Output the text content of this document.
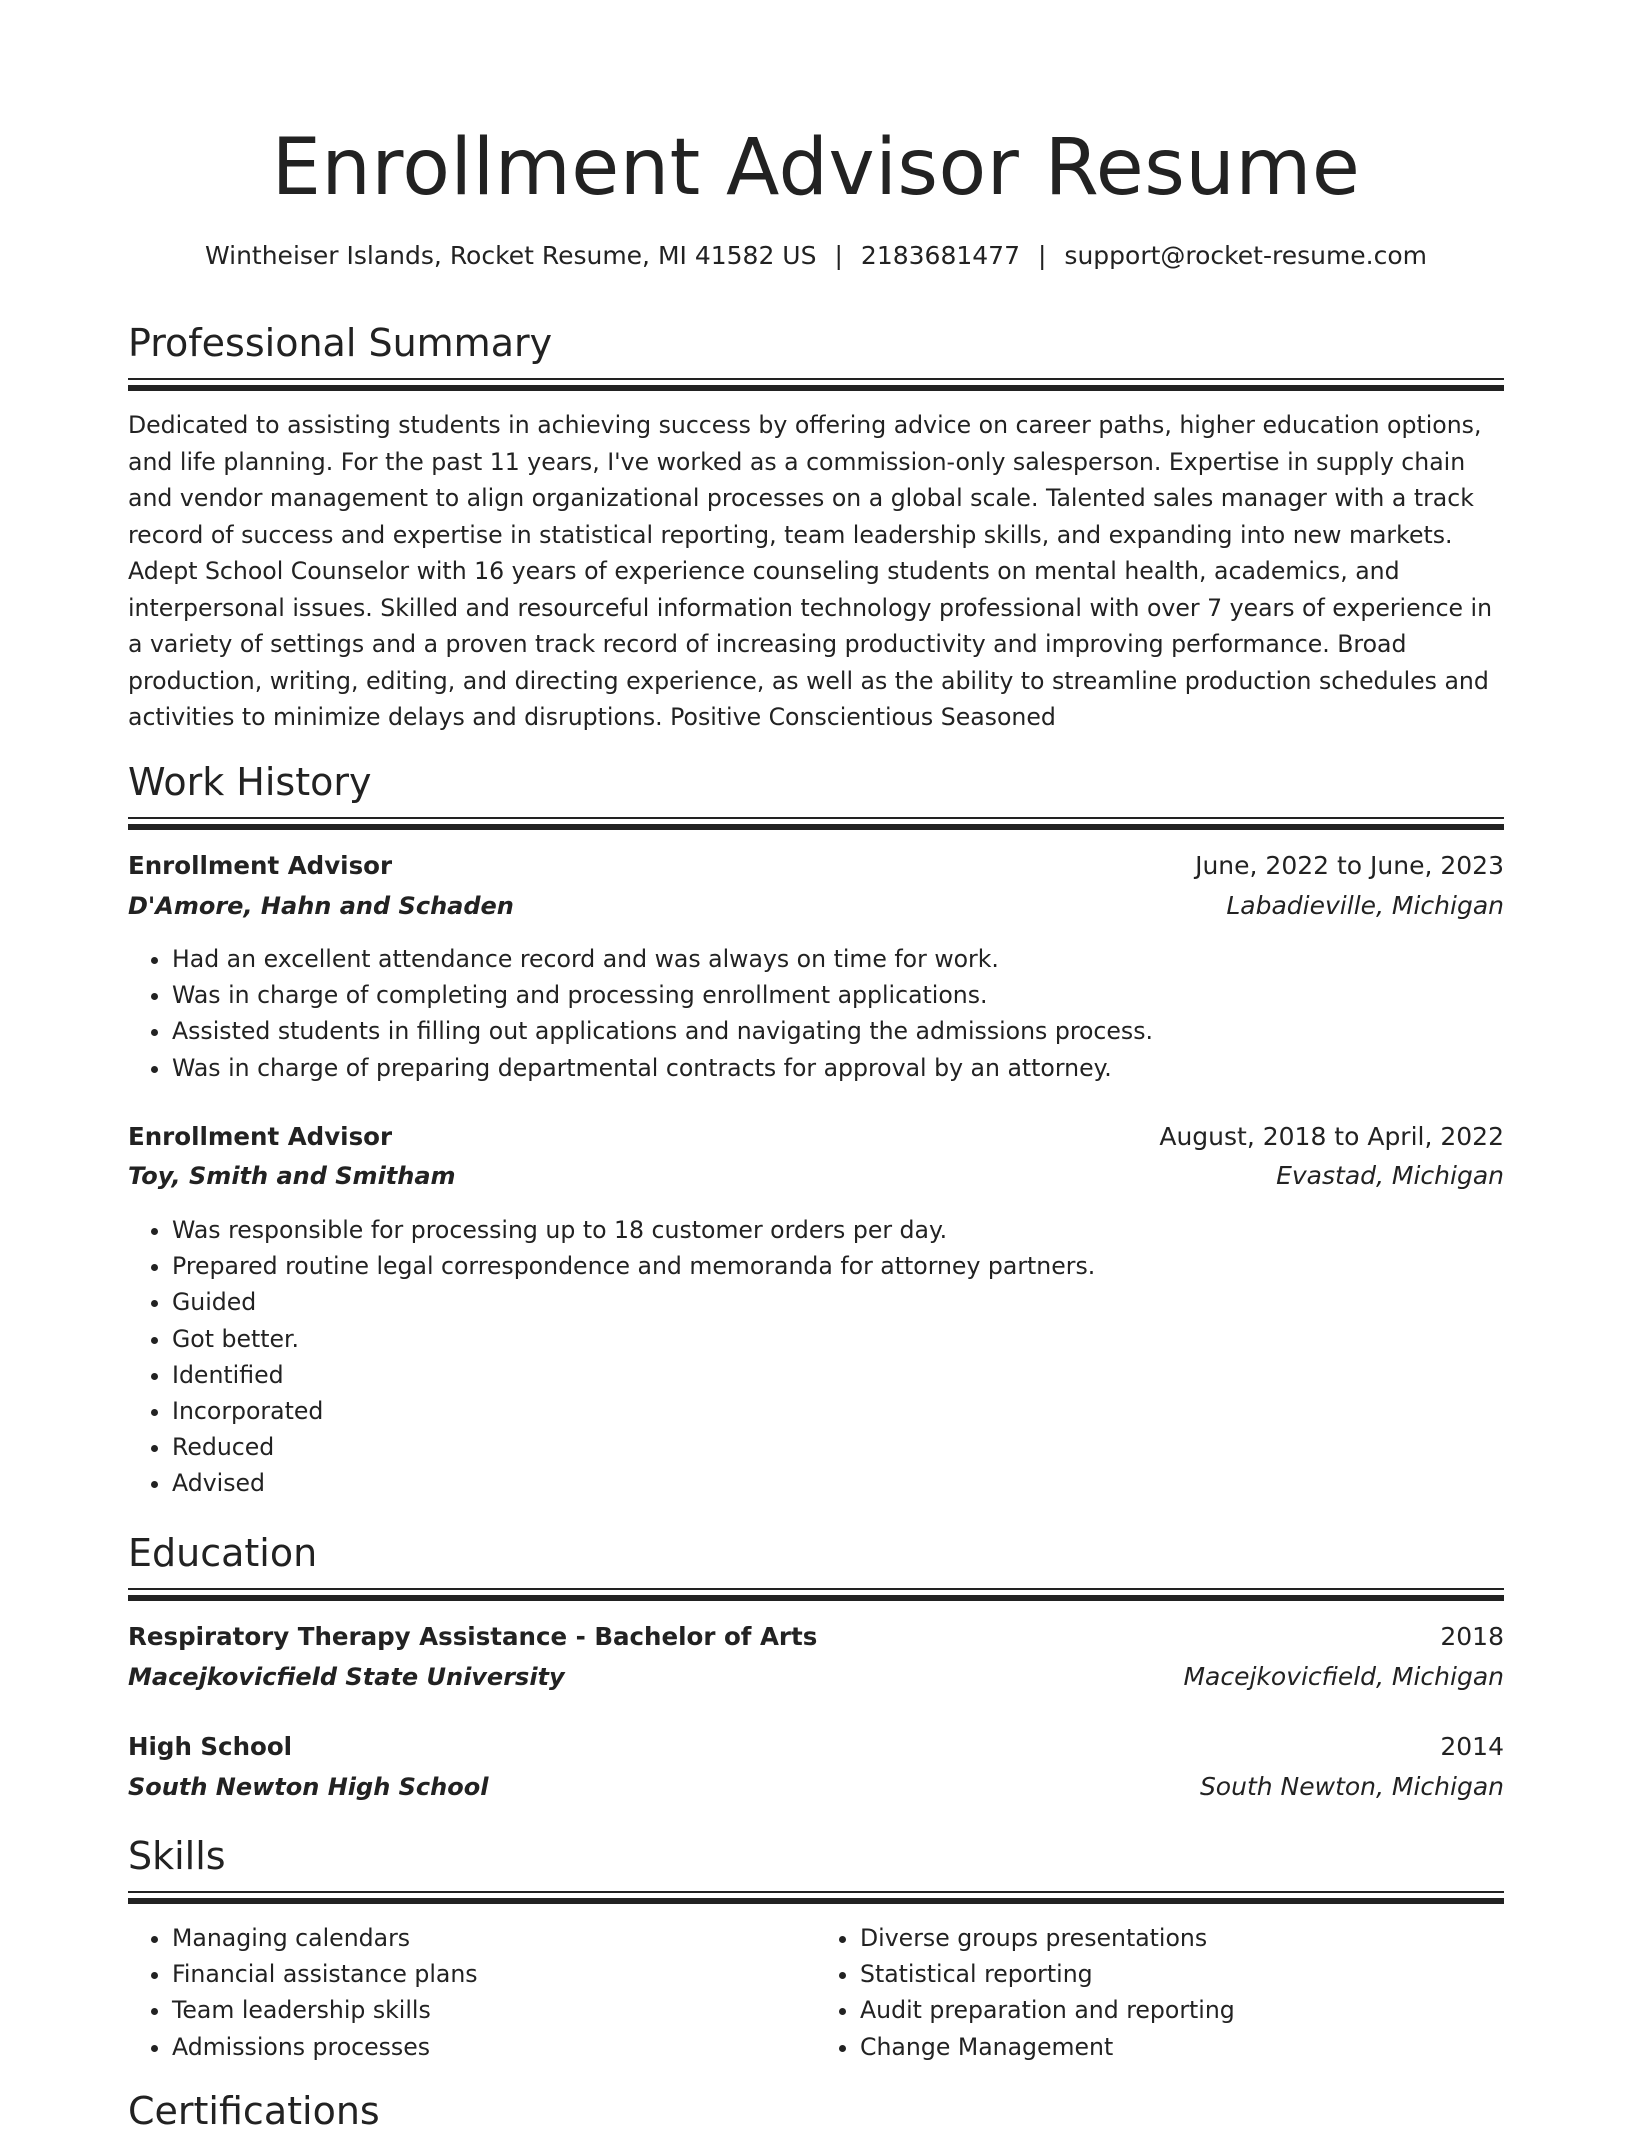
Enrollment Advisor Resume
Wintheiser Islands, Rocket Resume, MI 41582 US | 2183681477 | support@rocket-resume.com
Professional Summary
Dedicated to assisting students in achieving success by offering advice on career paths, higher education options, and life planning. For the past 11 years, I've worked as a commission-only salesperson. Expertise in supply chain and vendor management to align organizational processes on a global scale. Talented sales manager with a track record of success and expertise in statistical reporting, team leadership skills, and expanding into new markets. Adept School Counselor with 16 years of experience counseling students on mental health, academics, and interpersonal issues. Skilled and resourceful information technology professional with over 7 years of experience in a variety of settings and a proven track record of increasing productivity and improving performance. Broad production, writing, editing, and directing experience, as well as the ability to streamline production schedules and activities to minimize delays and disruptions. Positive Conscientious Seasoned
Work History
Enrollment Advisor	June, 2022 to June, 2023
D'Amore, Hahn and Schaden	Labadieville, Michigan
• Had an excellent attendance record and was always on time for work.
• Was in charge of completing and processing enrollment applications.
• Assisted students in filling out applications and navigating the admissions process.
• Was in charge of preparing departmental contracts for approval by an attorney.
Enrollment Advisor	August, 2018 to April, 2022
Toy, Smith and Smitham	Evastad, Michigan
• Was responsible for processing up to 18 customer orders per day.
• Prepared routine legal correspondence and memoranda for attorney partners.
• Guided
• Got better.
• Identified
• Incorporated
• Reduced
• Advised
Education
Respiratory Therapy Assistance - Bachelor of Arts	2018
Macejkovicfield State University	Macejkovicfield, Michigan
High School	2014
South Newton High School	South Newton, Michigan
Skills
• Managing calendars
• Financial assistance plans
• Team leadership skills
• Admissions processes
• Diverse groups presentations
• Statistical reporting
• Audit preparation and reporting
• Change Management
Certifications
